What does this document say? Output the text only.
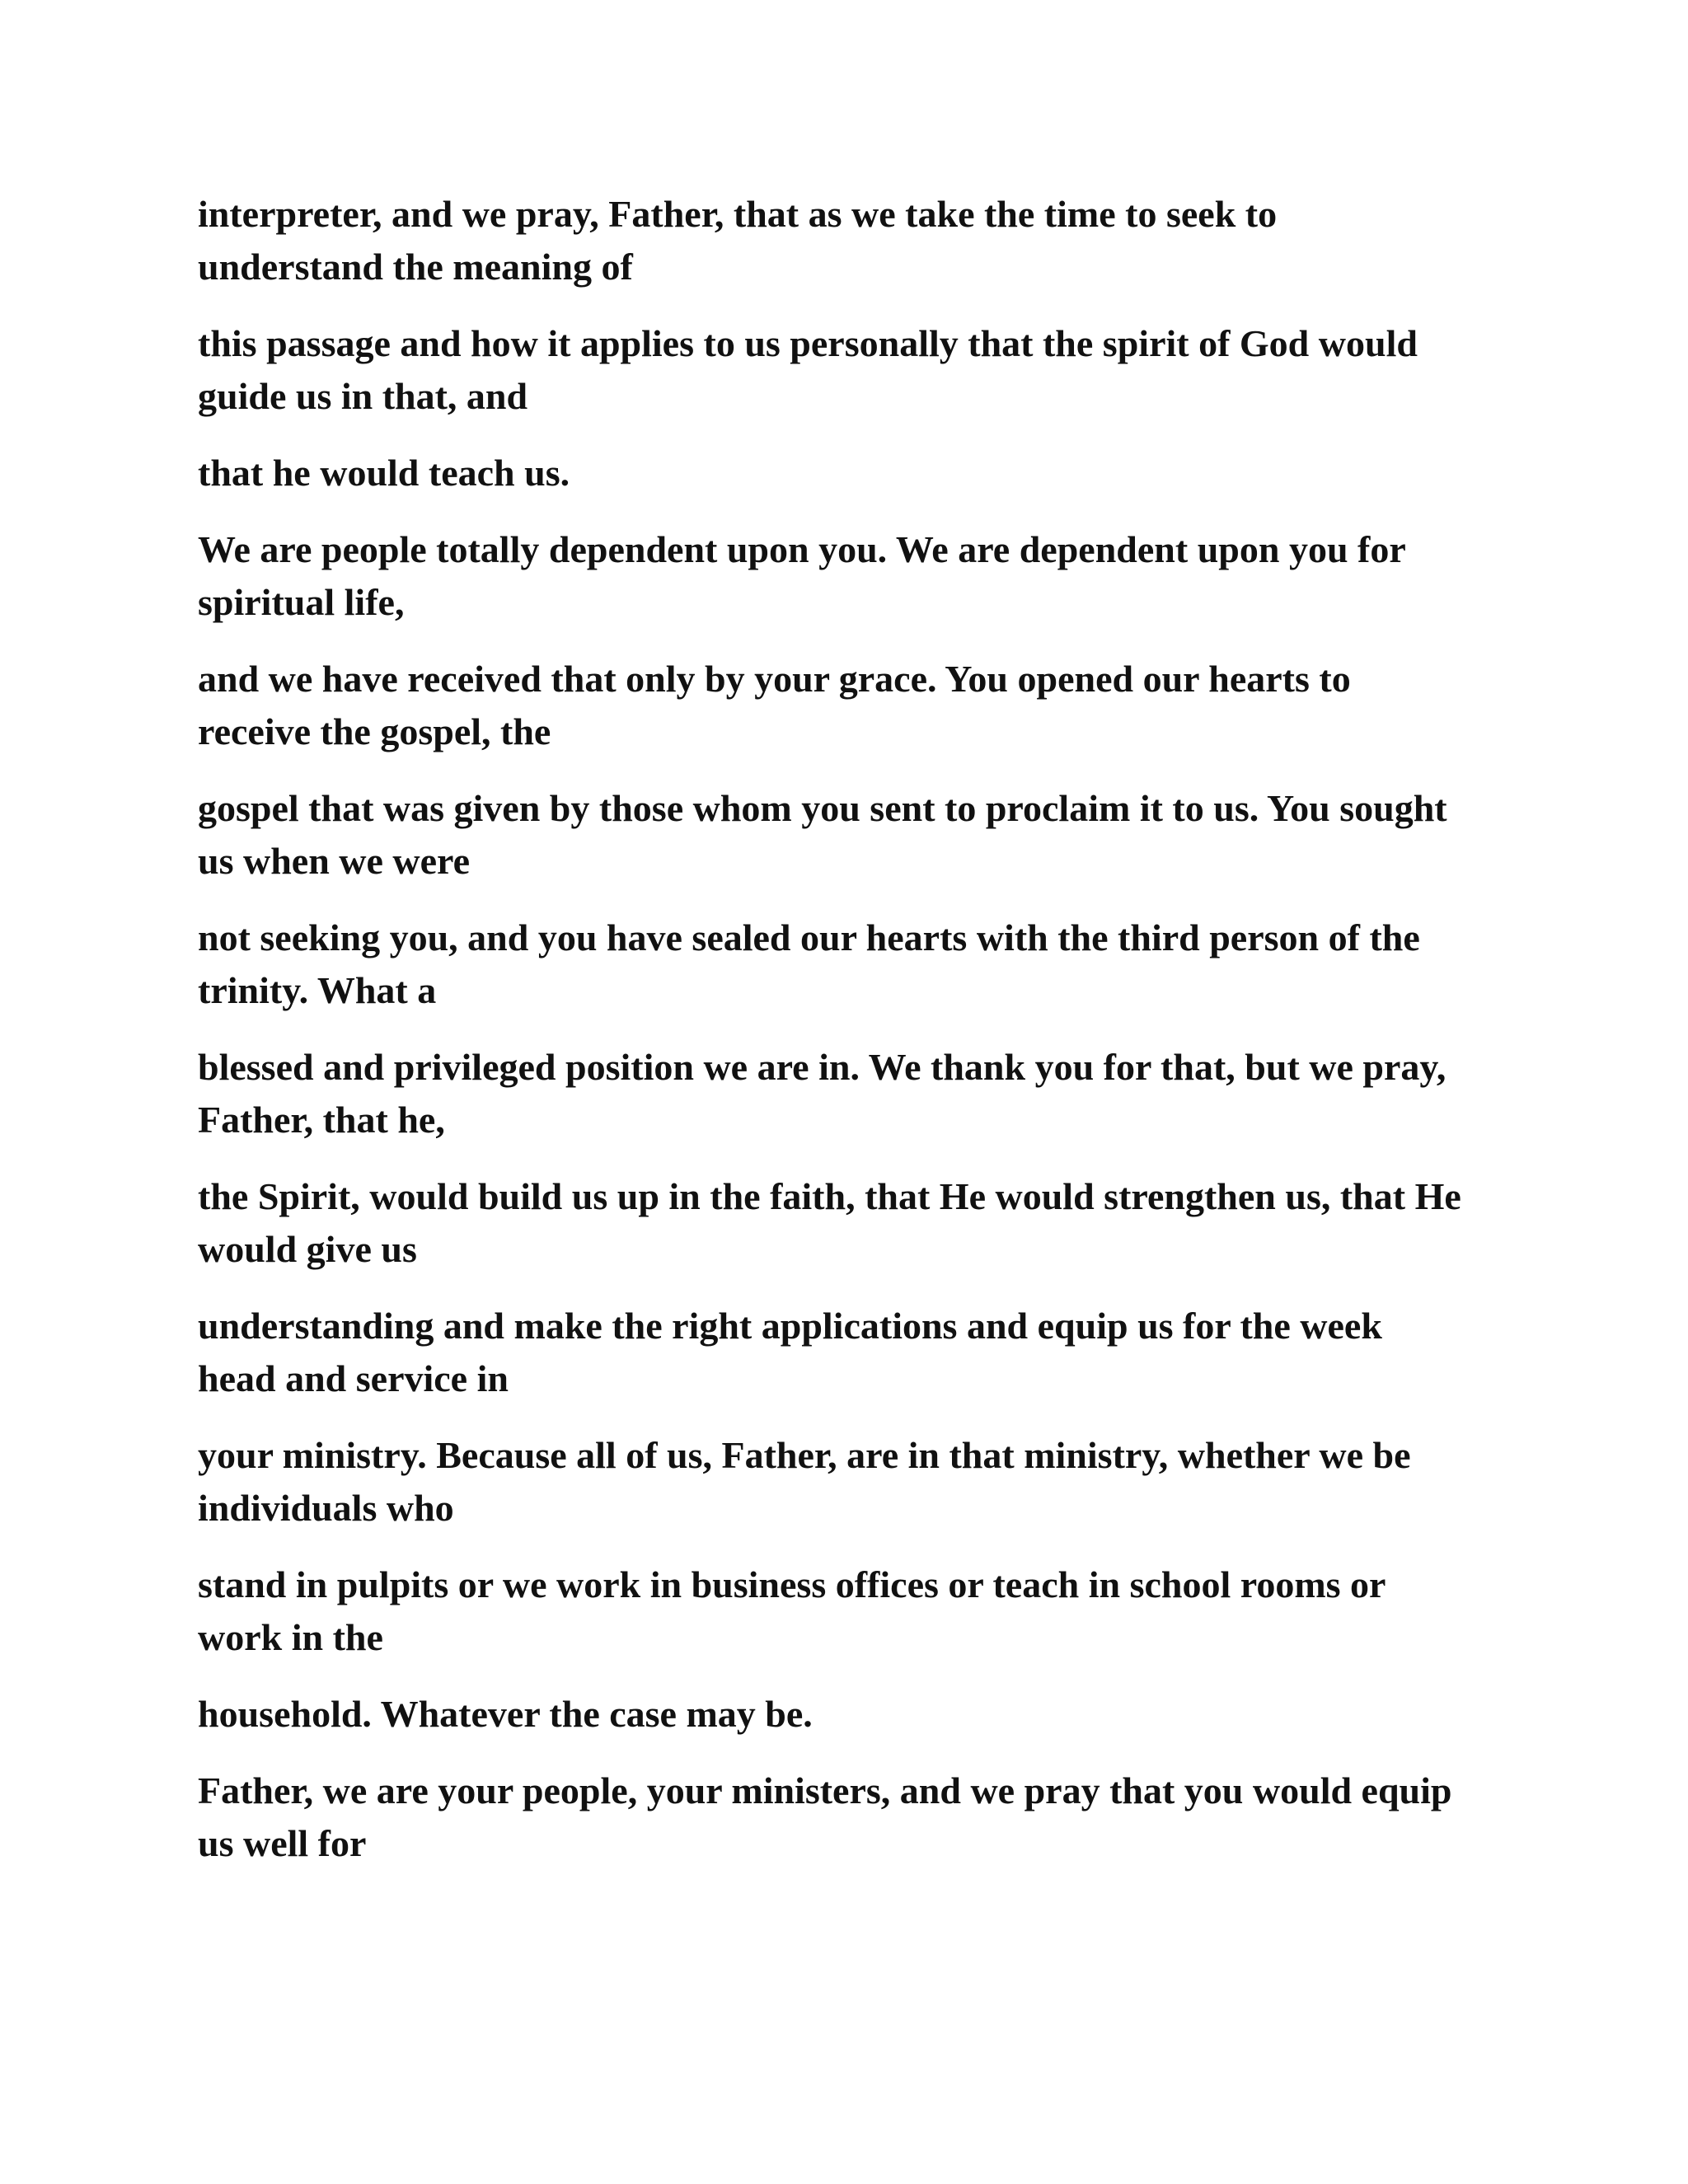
interpreter, and we pray, Father, that as we take the time to seek to
understand the meaning of

this passage and how it applies to us personally that the spirit of God would
guide us in that, and

that he would teach us.

We are people totally dependent upon you. We are dependent upon you for
spiritual life,

and we have received that only by your grace. You opened our hearts to
receive the gospel, the

gospel that was given by those whom you sent to proclaim it to us. You sought
us when we were

not seeking you, and you have sealed our hearts with the third person of the
trinity. What a

blessed and privileged position we are in. We thank you for that, but we pray,
Father, that he,

the Spirit, would build us up in the faith, that He would strengthen us, that He
would give us

understanding and make the right applications and equip us for the week
head and service in

your ministry. Because all of us, Father, are in that ministry, whether we be
individuals who

stand in pulpits or we work in business offices or teach in school rooms or
work in the

household. Whatever the case may be.

Father, we are your people, your ministers, and we pray that you would equip
us well for
